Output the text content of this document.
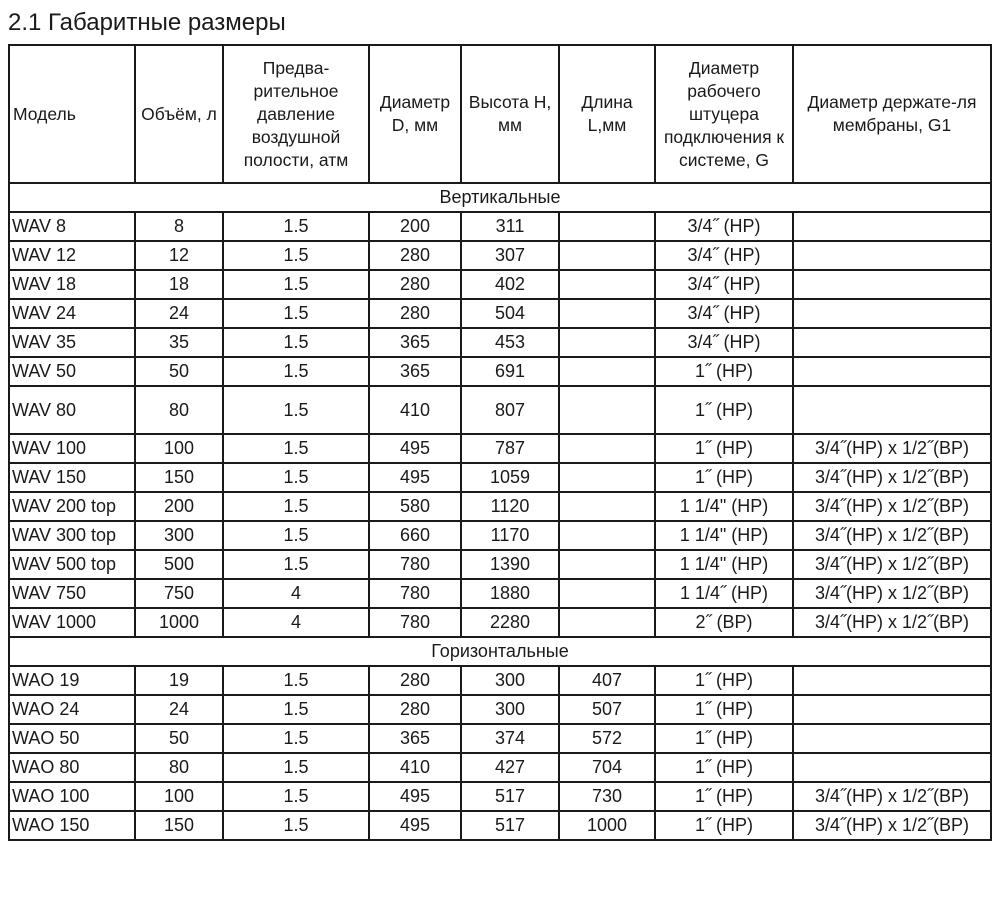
2.1 Габаритные размеры
Модель	Объём, л	Предва-рительное давление воздушной полости, атм	Диаметр D, мм	Высота H, мм	Длина L,мм	Диаметр рабочего штуцера подключения к системе, G	Диаметр держате-ля мембраны, G1
Вертикальные							
WAV 8	8	1.5	200	311		3/4˝ (HP)	
WAV 12	12	1.5	280	307		3/4˝ (HP)	
WAV 18	18	1.5	280	402		3/4˝ (HP)	
WAV 24	24	1.5	280	504		3/4˝ (HP)	
WAV 35	35	1.5	365	453		3/4˝ (HP)	
WAV 50	50	1.5	365	691		1˝ (HP)	
WAV 80	80	1.5	410	807		1˝ (HP)	
WAV 100	100	1.5	495	787		1˝ (HP)	3/4˝(HP) x 1/2˝(BP)
WAV 150	150	1.5	495	1059		1˝ (HP)	3/4˝(HP) x 1/2˝(BP)
WAV 200 top	200	1.5	580	1120		1 1/4" (HP)	3/4˝(HP) x 1/2˝(BP)
WAV 300 top	300	1.5	660	1170		1 1/4" (HP)	3/4˝(HP) x 1/2˝(BP)
WAV 500 top	500	1.5	780	1390		1 1/4" (HP)	3/4˝(HP) x 1/2˝(BP)
WAV 750	750	4	780	1880		1 1/4˝ (HP)	3/4˝(HP) x 1/2˝(BP)
WAV 1000	1000	4	780	2280		2˝ (BP)	3/4˝(HP) x 1/2˝(BP)
Горизонтальные							
WAO 19	19	1.5	280	300	407	1˝ (HP)	
WAO 24	24	1.5	280	300	507	1˝ (HP)	
WAO 50	50	1.5	365	374	572	1˝ (HP)	
WAO 80	80	1.5	410	427	704	1˝ (HP)	
WAO 100	100	1.5	495	517	730	1˝ (HP)	3/4˝(HP) x 1/2˝(BP)
WAO 150	150	1.5	495	517	1000	1˝ (HP)	3/4˝(HP) x 1/2˝(BP)
